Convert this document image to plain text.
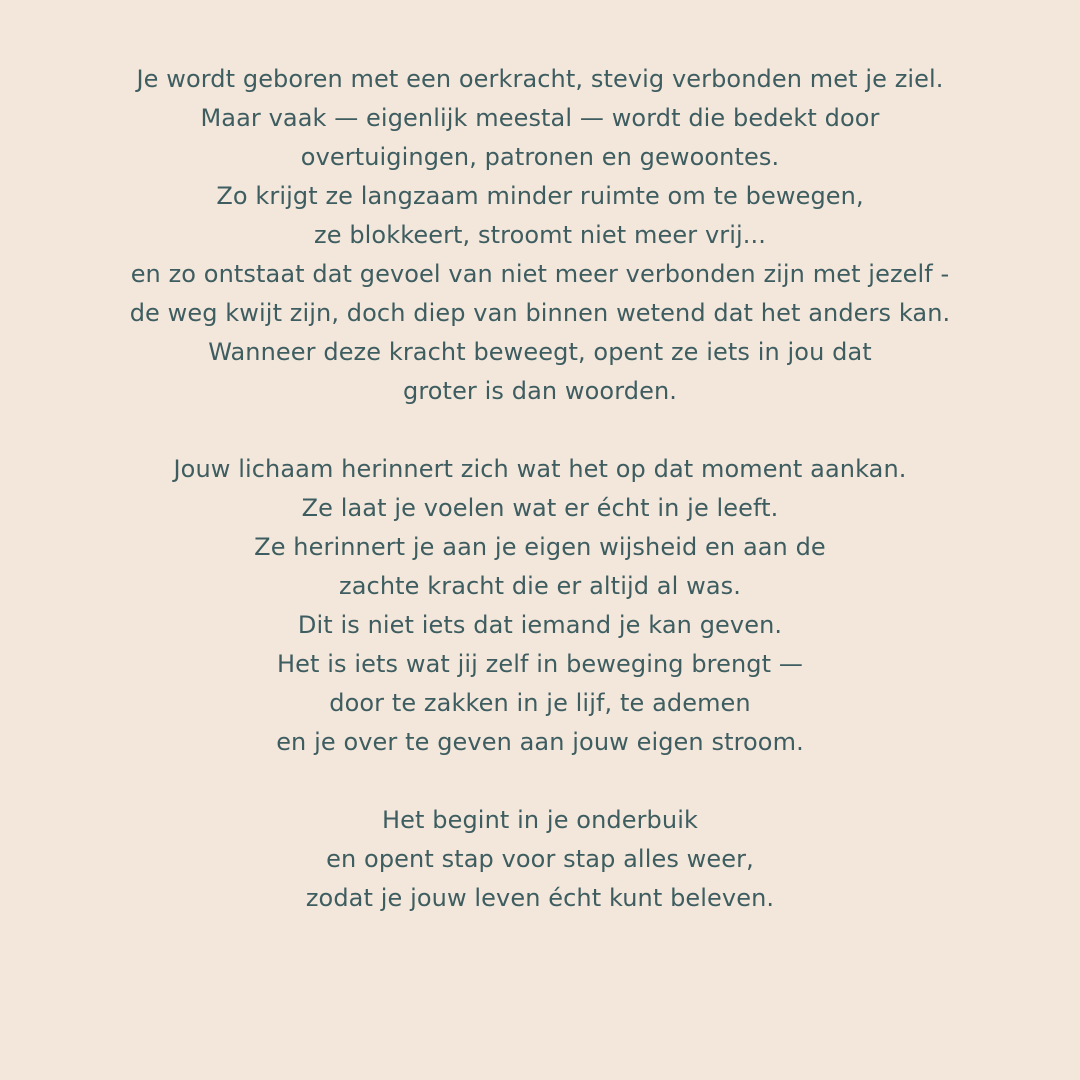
Je wordt geboren met een oerkracht, stevig verbonden met je ziel.
Maar vaak — eigenlijk meestal — wordt die bedekt door
overtuigingen, patronen en gewoontes.
Zo krijgt ze langzaam minder ruimte om te bewegen,
ze blokkeert, stroomt niet meer vrij...
en zo ontstaat dat gevoel van niet meer verbonden zijn met jezelf -
de weg kwijt zijn, doch diep van binnen wetend dat het anders kan.
Wanneer deze kracht beweegt, opent ze iets in jou dat
groter is dan woorden.
Jouw lichaam herinnert zich wat het op dat moment aankan.
Ze laat je voelen wat er écht in je leeft.
Ze herinnert je aan je eigen wijsheid en aan de
zachte kracht die er altijd al was.
Dit is niet iets dat iemand je kan geven.
Het is iets wat jij zelf in beweging brengt —
door te zakken in je lijf, te ademen
en je over te geven aan jouw eigen stroom.
Het begint in je onderbuik
en opent stap voor stap alles weer,
zodat je jouw leven écht kunt beleven.
